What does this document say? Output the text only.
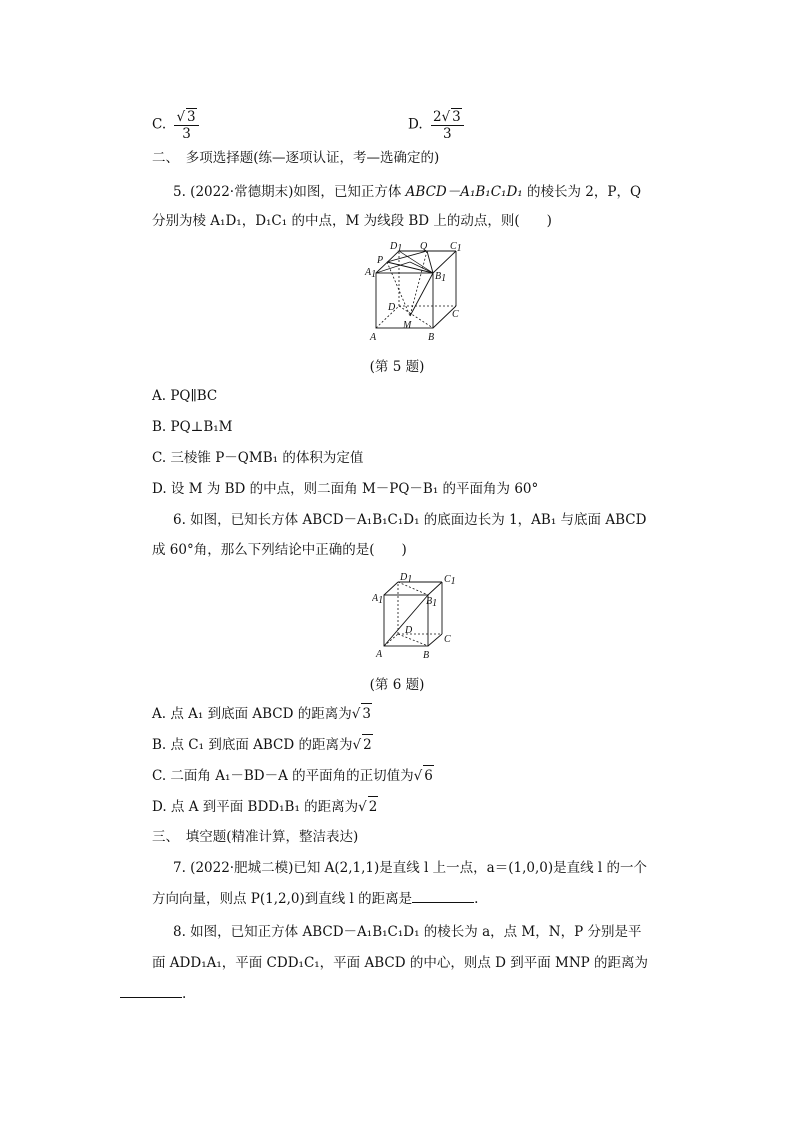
C. $\frac{√ 3}{3}$	D. $\frac{2√ 3}{3}$
二、　多项选择题(练—逐项认证，考—选确定的)
5. (2022·常德期末)如图，已知正方体 ABCD－A₁B₁C₁D₁ 的棱长为 2，P，Q
分别为棱 A₁D₁，D₁C₁ 的中点，M 为线段 BD 上的动点，则(　　)
D1 Q C1
P
A1	B1
D
C
M
A	B
(第 5 题)
A. PQ∥BC
B. PQ⊥B₁M
C. 三棱锥 P－QMB₁ 的体积为定值
D. 设 M 为 BD 的中点，则二面角 M－PQ－B₁ 的平面角为 60°
6. 如图，已知长方体 ABCD－A₁B₁C₁D₁ 的底面边长为 1，AB₁ 与底面 ABCD
成 60°角，那么下列结论中正确的是(　　)
D1	C1
A1	B1
D
C
A	B
(第 6 题)
A. 点 A₁ 到底面 ABCD 的距离为√ 3
B. 点 C₁ 到底面 ABCD 的距离为√ 2
C. 二面角 A₁－BD－A 的平面角的正切值为√ 6
D. 点 A 到平面 BDD₁B₁ 的距离为√ 2
三、　填空题(精准计算，整洁表达)
7. (2022·肥城二模)已知 A(2,1,1)是直线 l 上一点，a＝(1,0,0)是直线 l 的一个
方向向量，则点 P(1,2,0)到直线 l 的距离是	.
8. 如图，已知正方体 ABCD－A₁B₁C₁D₁ 的棱长为 a，点 M，N，P 分别是平
面 ADD₁A₁，平面 CDD₁C₁，平面 ABCD 的中心，则点 D 到平面 MNP 的距离为
.
